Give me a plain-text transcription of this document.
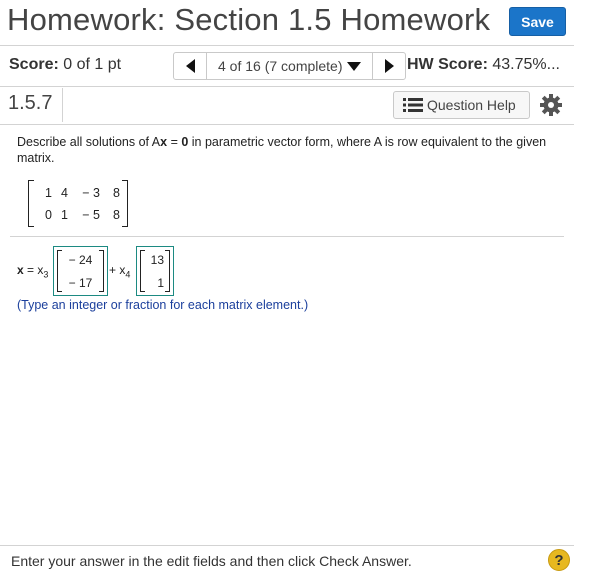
Homework: Section 1.5 Homework	Save
Score: 0 of 1 pt	4 of 16 (7 complete)	HW Score: 43.75%...
1.5.7	Question Help
Describe all solutions of Ax = 0 in parametric vector form, where A is row equivalent to the given matrix.
1 4	− 3	8
0 1	− 5	8
$x = x_3$
− 24
− 17
+ $x_4$
13
1
(Type an integer or fraction for each matrix element.)
Enter your answer in the edit fields and then click Check Answer.	?
